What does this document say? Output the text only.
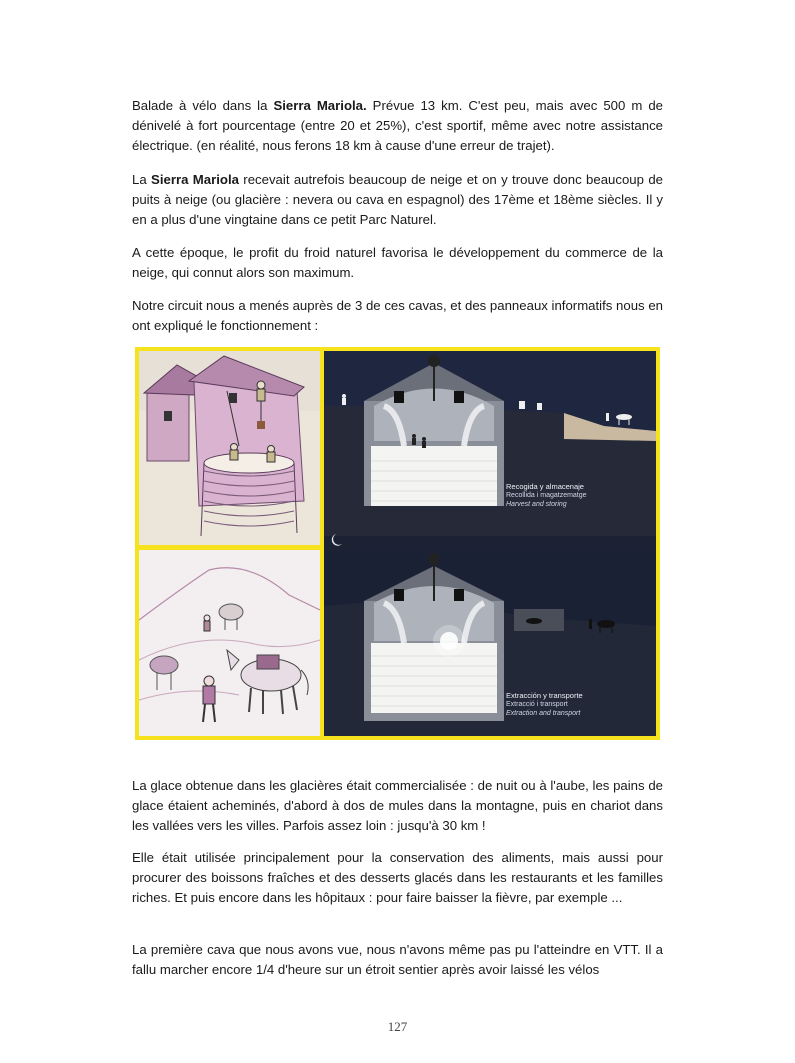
Balade à vélo dans la Sierra Mariola. Prévue 13 km. C'est peu, mais avec 500 m de dénivelé à fort pourcentage (entre 20 et 25%), c'est sportif, même avec notre assistance électrique. (en réalité, nous ferons 18 km à cause d'une erreur de trajet).

La Sierra Mariola recevait autrefois beaucoup de neige et on y trouve donc beaucoup de puits à neige (ou glacière : nevera ou cava en espagnol) des 17ème et 18ème siècles. Il y en a plus d'une vingtaine dans ce petit Parc Naturel.

A cette époque, le profit du froid naturel favorisa le développement du commerce de la neige, qui connut alors son maximum.

Notre circuit nous a menés auprès de 3 de ces cavas, et des panneaux informatifs nous en ont expliqué le fonctionnement :

Recogida y almacenaje
Recollida i magatzematge
Harvest and storing
Extracción y transporte
Extracció i transport
Extraction and transport

La glace obtenue dans les glacières était commercialisée : de nuit ou à l'aube, les pains de glace étaient acheminés, d'abord à dos de mules dans la montagne, puis en chariot dans les vallées vers les villes. Parfois assez loin : jusqu'à 30 km !

Elle était utilisée principalement pour la conservation des aliments, mais aussi pour procurer des boissons fraîches et des desserts glacés dans les restaurants et les familles riches. Et puis encore dans les hôpitaux : pour faire baisser la fièvre, par exemple ...

La première cava que nous avons vue, nous n'avons même pas pu l'atteindre en VTT. Il a fallu marcher encore 1/4 d'heure sur un étroit sentier après avoir laissé les vélos

127
